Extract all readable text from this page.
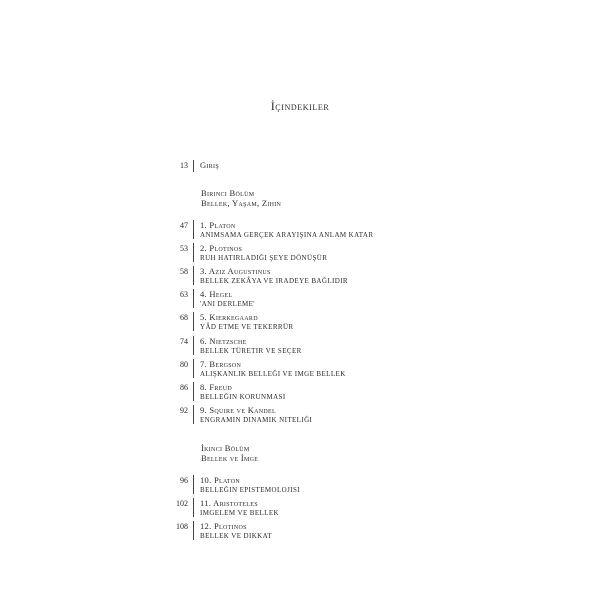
İçindekiler
13 Giriş
Birinci Bölüm
Bellek, Yaşam, Zihin
47 1. Platon
ANIMSAMA GERÇEK ARAYIŞINA ANLAM KATAR
53 2. Plotinos
RUH HATIRLADIĞI ŞEYE DÖNÜŞÜR
58 3. Aziz Augustinus
BELLEK ZEKÂYA VE IRADEYE BAĞLIDIR
63 4. Hegel
'ANI DERLEME'
68 5. Kierkegaard
YÂD ETME VE TEKERRÜR
74 6. Nietzsche
BELLEK TÜRETIR VE SEÇER
80 7. Bergson
ALIŞKANLIK BELLEĞI VE IMGE BELLEK
86 8. Freud
BELLEĞIN KORUNMASI
92 9. Squire ve Kandel
ENGRAMIN DINAMIK NITELIĞI
İkinci Bölüm
Bellek ve İmge
96 10. Platon
BELLEĞIN EPISTEMOLOJISI
102 11. Aristoteles
IMGELEM VE BELLEK
108 12. Plotinos
BELLEK VE DIKKAT
